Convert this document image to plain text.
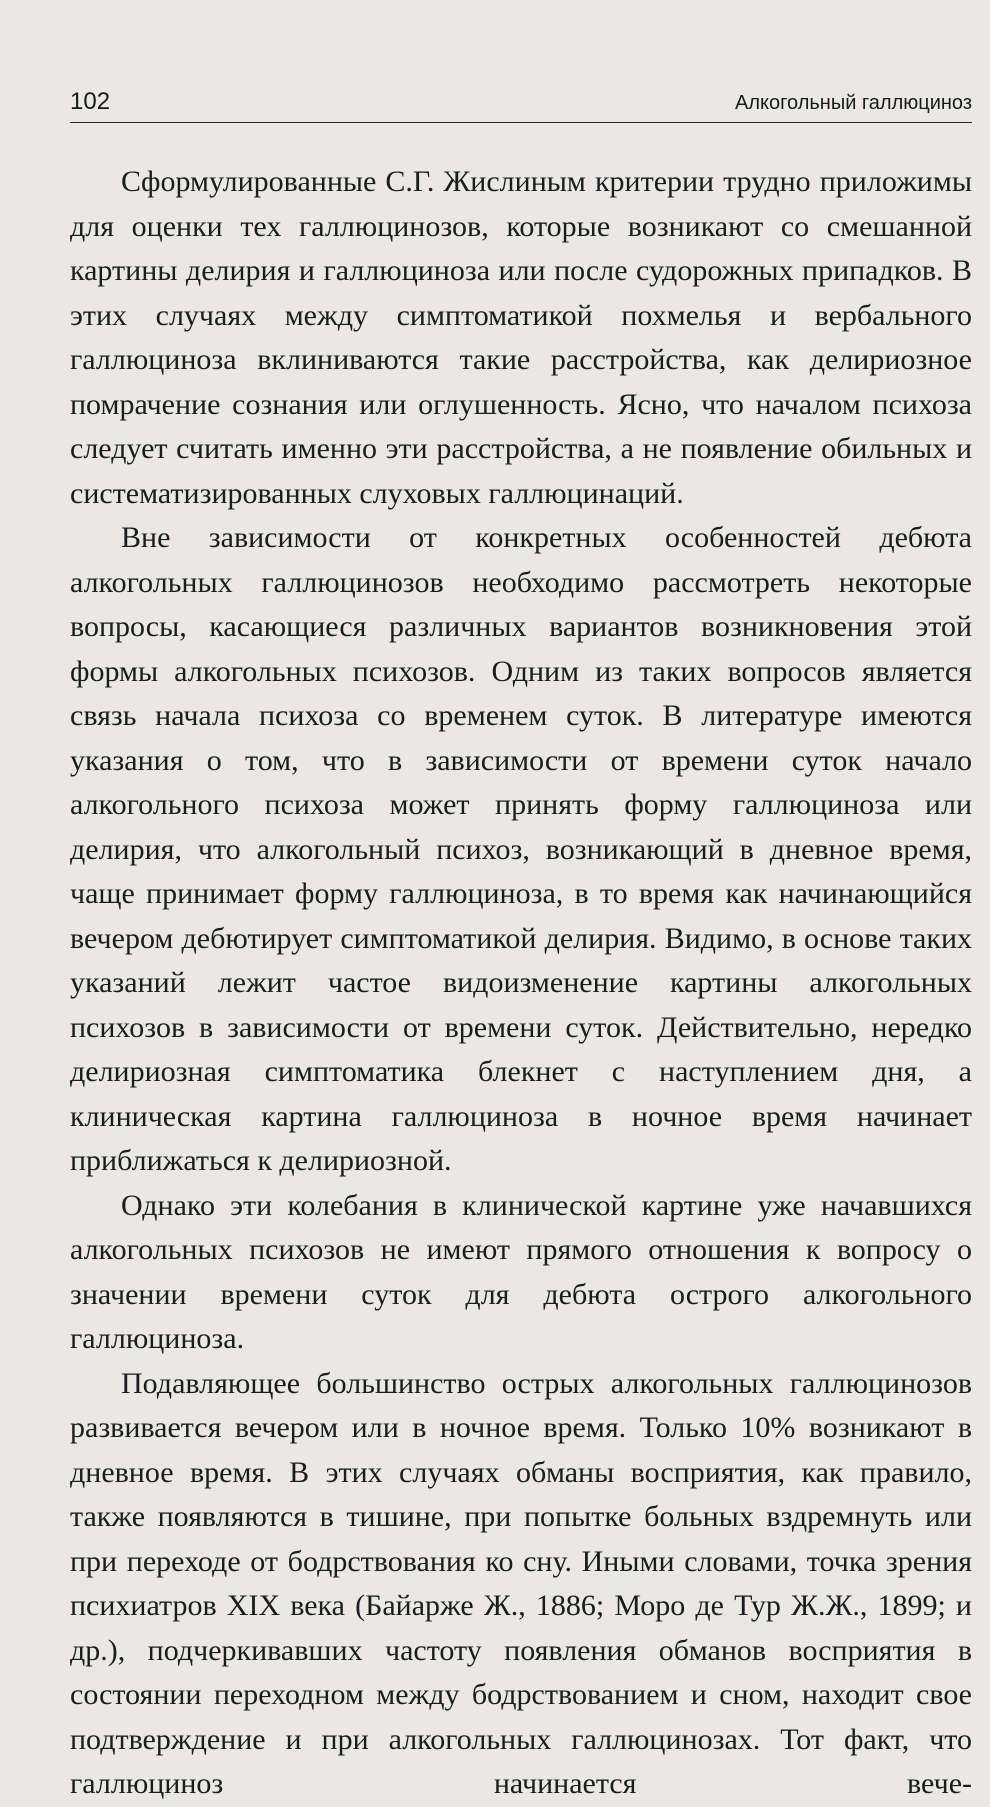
102	Алкогольный галлюциноз

Сформулированные С.Г. Жислиным критерии трудно приложимы для оценки тех галлюцинозов, которые возникают со смешанной картины делирия и галлюциноза или после судорожных припадков. В этих случаях между симптоматикой похмелья и вербального галлюциноза вклиниваются такие расстройства, как делириозное помрачение сознания или оглушенность. Ясно, что началом психоза следует считать именно эти расстройства, а не появление обильных и систематизированных слуховых галлюцинаций.

Вне зависимости от конкретных особенностей дебюта алкогольных галлюцинозов необходимо рассмотреть некоторые вопросы, касающиеся различных вариантов возникновения этой формы алкогольных психозов. Одним из таких вопросов является связь начала психоза со временем суток. В литературе имеются указания о том, что в зависимости от времени суток начало алкогольного психоза может принять форму галлюциноза или делирия, что алкогольный психоз, возникающий в дневное время, чаще принимает форму галлюциноза, в то время как начинающийся вечером дебютирует симптоматикой делирия. Видимо, в основе таких указаний лежит частое видоизменение картины алкогольных психозов в зависимости от времени суток. Действительно, нередко делириозная симптоматика блекнет с наступлением дня, а клиническая картина галлюциноза в ночное время начинает приближаться к делириозной.

Однако эти колебания в клинической картине уже начавшихся алкогольных психозов не имеют прямого отношения к вопросу о значении времени суток для дебюта острого алкогольного галлюциноза.

Подавляющее большинство острых алкогольных галлюцинозов развивается вечером или в ночное время. Только 10% возникают в дневное время. В этих случаях обманы восприятия, как правило, также появляются в тишине, при попытке больных вздремнуть или при переходе от бодрствования ко сну. Иными словами, точка зрения психиатров XIX века (Байарже Ж., 1886; Моро де Тур Ж.Ж., 1899; и др.), подчеркивавших частоту появления обманов восприятия в состоянии переходном между бодрствованием и сном, находит свое подтверждение и при алкогольных галлюцинозах. Тот факт, что галлюциноз начинается вече-
